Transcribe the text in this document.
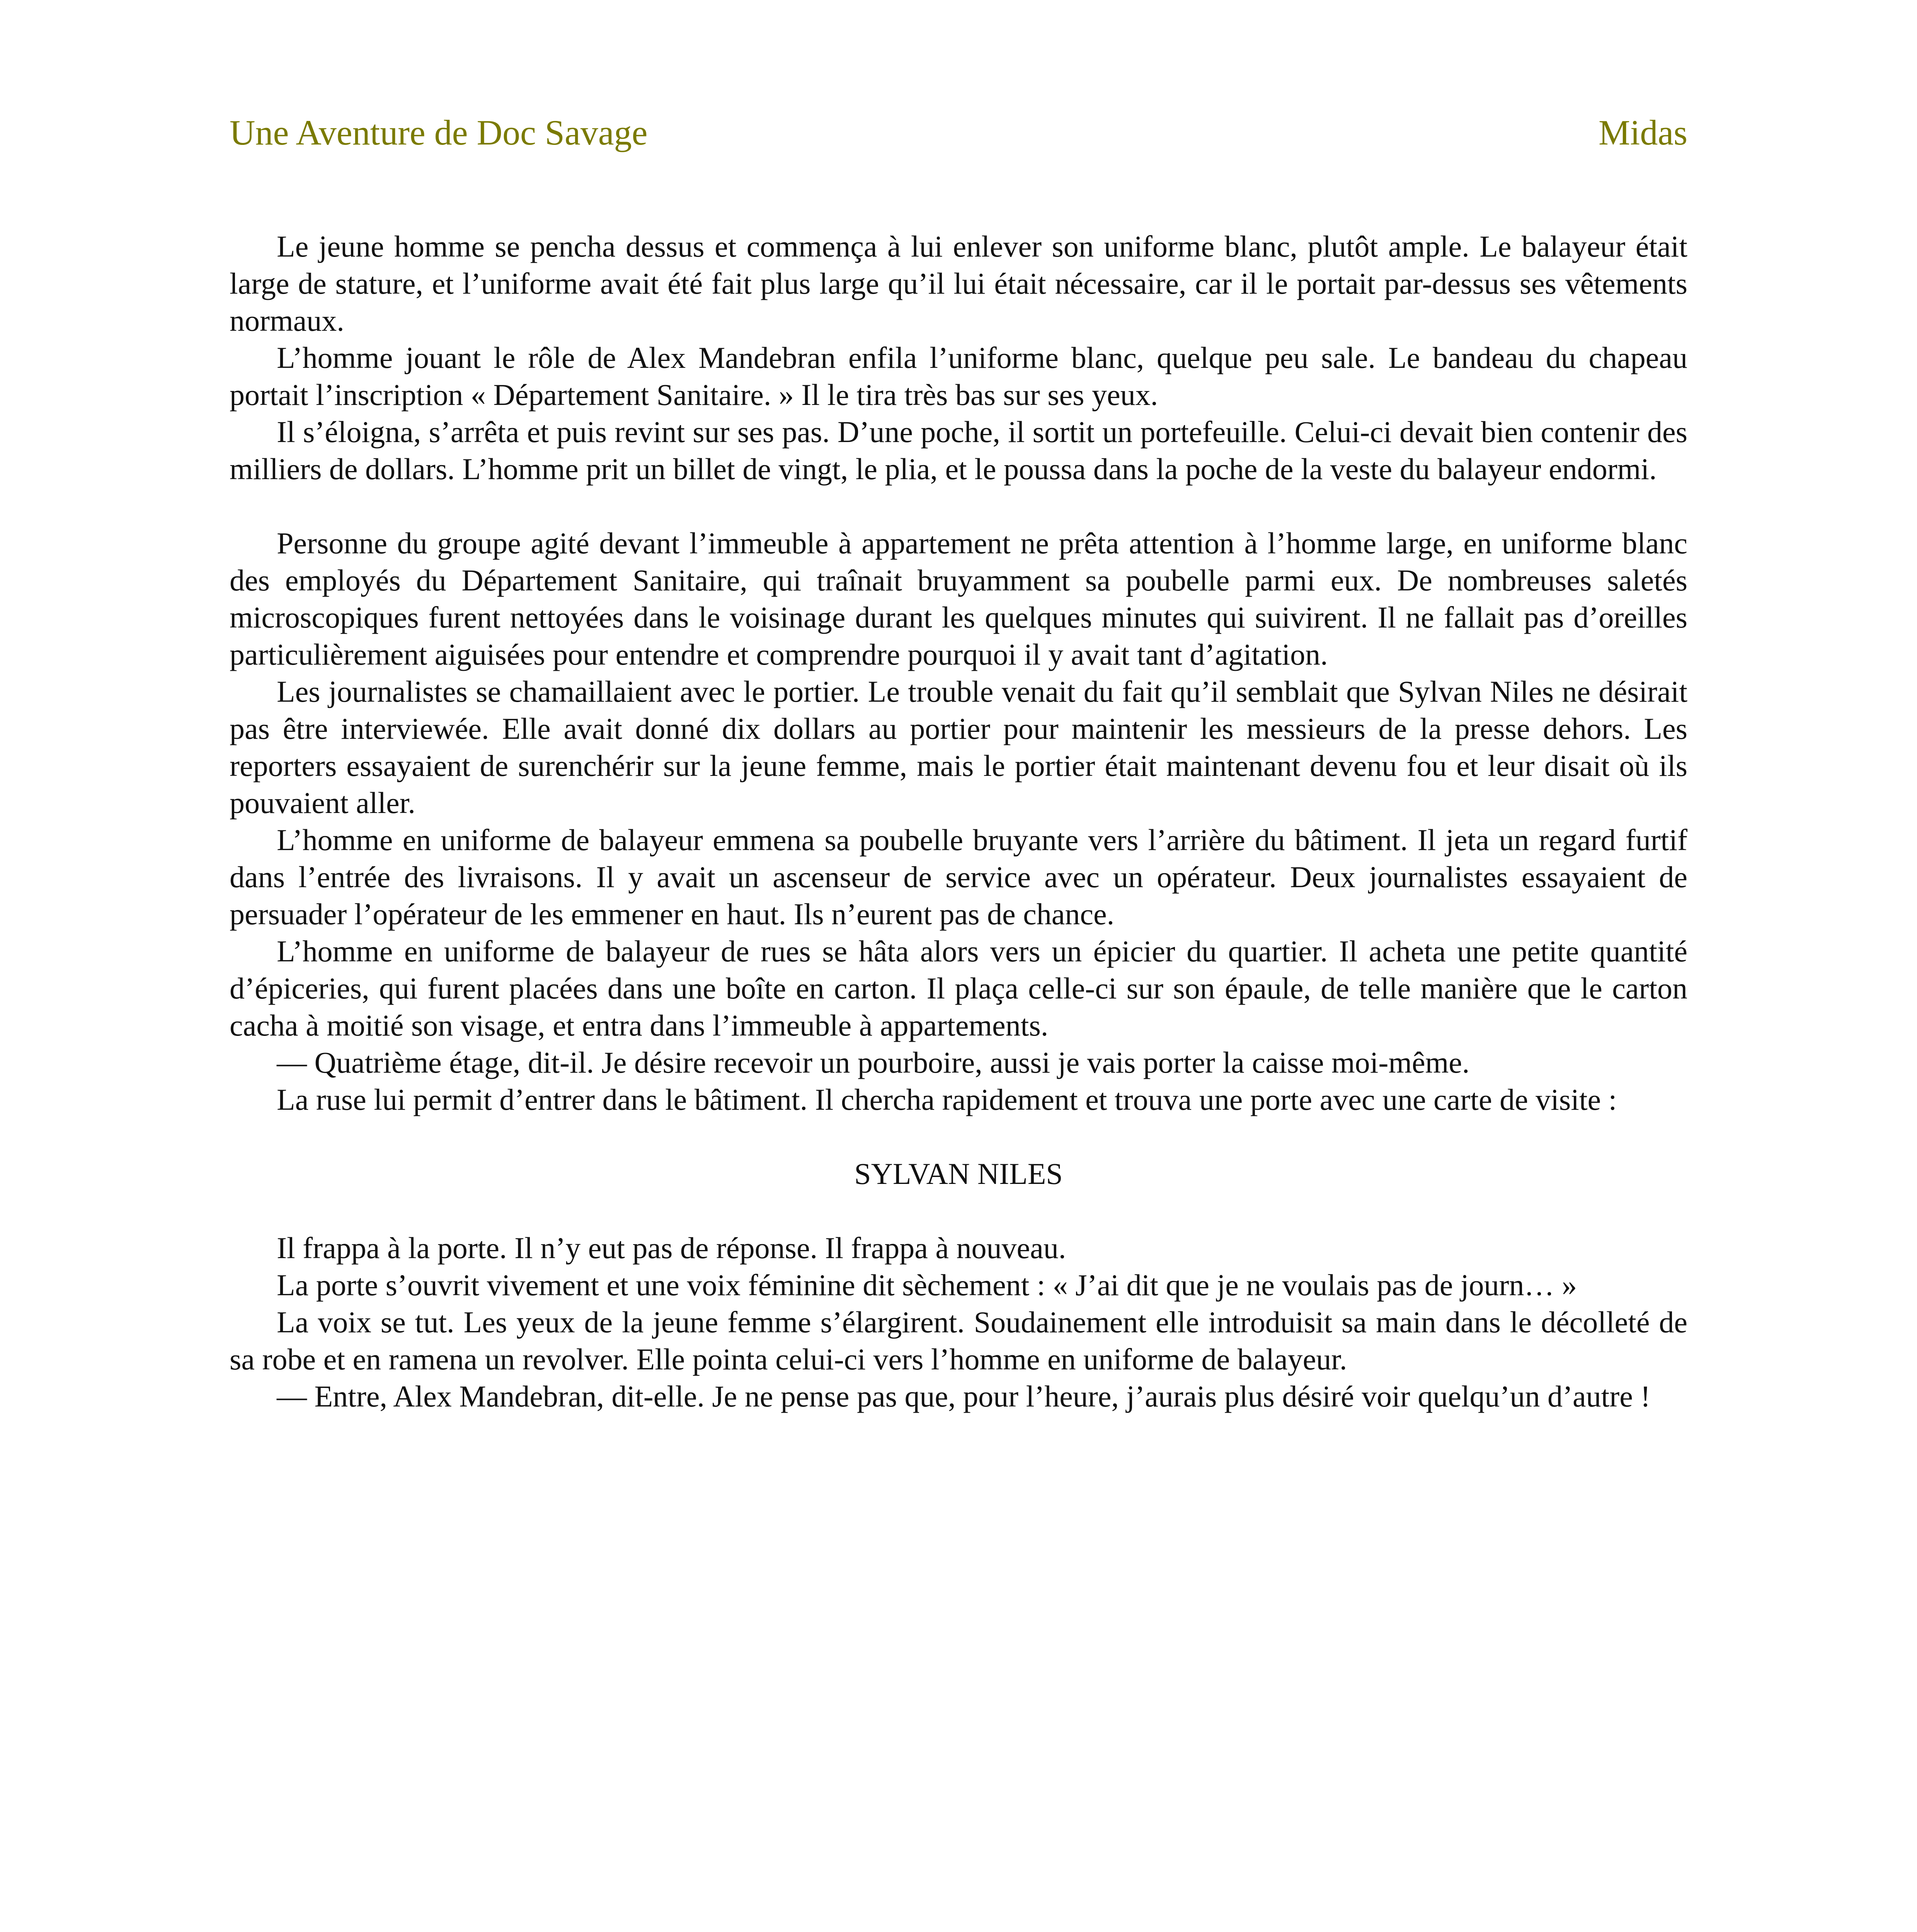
Une Aventure de Doc Savage	Midas

Le jeune homme se pencha dessus et commença à lui enlever son uniforme blanc, plutôt ample. Le balayeur était large de stature, et l’uniforme avait été fait plus large qu’il lui était nécessaire, car il le portait par-dessus ses vêtements normaux.

L’homme jouant le rôle de Alex Mandebran enfila l’uniforme blanc, quelque peu sale. Le bandeau du chapeau portait l’inscription « Département Sanitaire. » Il le tira très bas sur ses yeux.

Il s’éloigna, s’arrêta et puis revint sur ses pas. D’une poche, il sortit un portefeuille. Celui-ci devait bien contenir des milliers de dollars. L’homme prit un billet de vingt, le plia, et le poussa dans la poche de la veste du balayeur endormi.

Personne du groupe agité devant l’immeuble à appartement ne prêta attention à l’homme large, en uniforme blanc des employés du Département Sanitaire, qui traînait bruyamment sa poubelle parmi eux. De nombreuses saletés microscopiques furent nettoyées dans le voisinage durant les quelques minutes qui suivirent. Il ne fallait pas d’oreilles particulièrement aiguisées pour entendre et comprendre pourquoi il y avait tant d’agitation.

Les journalistes se chamaillaient avec le portier. Le trouble venait du fait qu’il semblait que Sylvan Niles ne désirait pas être interviewée. Elle avait donné dix dollars au portier pour maintenir les messieurs de la presse dehors. Les reporters essayaient de surenchérir sur la jeune femme, mais le portier était maintenant devenu fou et leur disait où ils pouvaient aller.

L’homme en uniforme de balayeur emmena sa poubelle bruyante vers l’arrière du bâtiment. Il jeta un regard furtif dans l’entrée des livraisons. Il y avait un ascenseur de service avec un opérateur. Deux journalistes essayaient de persuader l’opérateur de les emmener en haut. Ils n’eurent pas de chance.

L’homme en uniforme de balayeur de rues se hâta alors vers un épicier du quartier. Il acheta une petite quantité d’épiceries, qui furent placées dans une boîte en carton. Il plaça celle-ci sur son épaule, de telle manière que le carton cacha à moitié son visage, et entra dans l’immeuble à appartements.

— Quatrième étage, dit-il. Je désire recevoir un pourboire, aussi je vais porter la caisse moi-même.

La ruse lui permit d’entrer dans le bâtiment. Il chercha rapidement et trouva une porte avec une carte de visite :

SYLVAN NILES

Il frappa à la porte. Il n’y eut pas de réponse. Il frappa à nouveau.

La porte s’ouvrit vivement et une voix féminine dit sèchement : « J’ai dit que je ne voulais pas de journ… »

La voix se tut. Les yeux de la jeune femme s’élargirent. Soudainement elle introduisit sa main dans le décolleté de sa robe et en ramena un revolver. Elle pointa celui-ci vers l’homme en uniforme de balayeur.

— Entre, Alex Mandebran, dit-elle. Je ne pense pas que, pour l’heure, j’aurais plus désiré voir quelqu’un d’autre !
